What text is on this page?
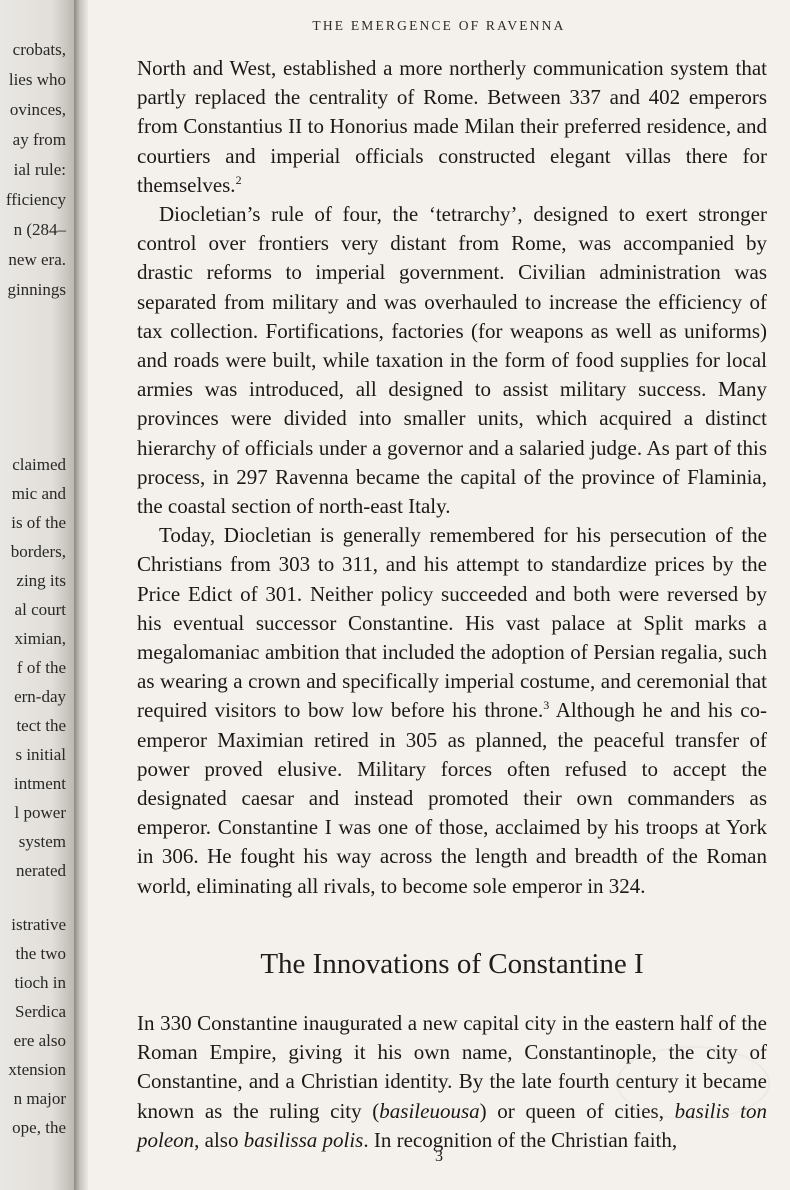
crobats,
lies who
ovinces,
ay from
ial rule:
fficiency
n (284–
new era.
ginnings
claimed
mic and
is of the
borders,
zing its
al court
ximian,
f of the
ern-day
tect the
s initial
intment
l power
system
nerated
istrative
the two
tioch in
Serdica
ere also
xtension
n major
ope, the
THE EMERGENCE OF RAVENNA

North and West, established a more northerly communication system that partly replaced the centrality of Rome. Between 337 and 402 emperors from Constantius II to Honorius made Milan their preferred residence, and courtiers and imperial officials constructed elegant villas there for themselves.$^2$

Diocletian’s rule of four, the ‘tetrarchy’, designed to exert stronger control over frontiers very distant from Rome, was accompanied by drastic reforms to imperial government. Civilian administration was separated from military and was overhauled to increase the efficiency of tax collection. Fortifications, factories (for weapons as well as uniforms) and roads were built, while taxation in the form of food supplies for local armies was introduced, all designed to assist military success. Many provinces were divided into smaller units, which acquired a distinct hierarchy of officials under a governor and a salaried judge. As part of this process, in 297 Ravenna became the capital of the province of Flaminia, the coastal section of north-east Italy.

Today, Diocletian is generally remembered for his persecution of the Christians from 303 to 311, and his attempt to standardize prices by the Price Edict of 301. Neither policy succeeded and both were reversed by his eventual successor Constantine. His vast palace at Split marks a megalomaniac ambition that included the adoption of Persian regalia, such as wearing a crown and specifically imperial costume, and ceremonial that required visitors to bow low before his throne.$^3$ Although he and his co-emperor Maximian retired in 305 as planned, the peaceful transfer of power proved elusive. Military forces often refused to accept the designated caesar and instead promoted their own commanders as emperor. Constantine I was one of those, acclaimed by his troops at York in 306. He fought his way across the length and breadth of the Roman world, eliminating all rivals, to become sole emperor in 324.

The Innovations of Constantine I

In 330 Constantine inaugurated a new capital city in the eastern half of the Roman Empire, giving it his own name, Constantinople, the city of Constantine, and a Christian identity. By the late fourth century it became known as the ruling city (basileuousa) or queen of cities, basilis ton poleon, also basilissa polis. In recognition of the Christian faith,

3
